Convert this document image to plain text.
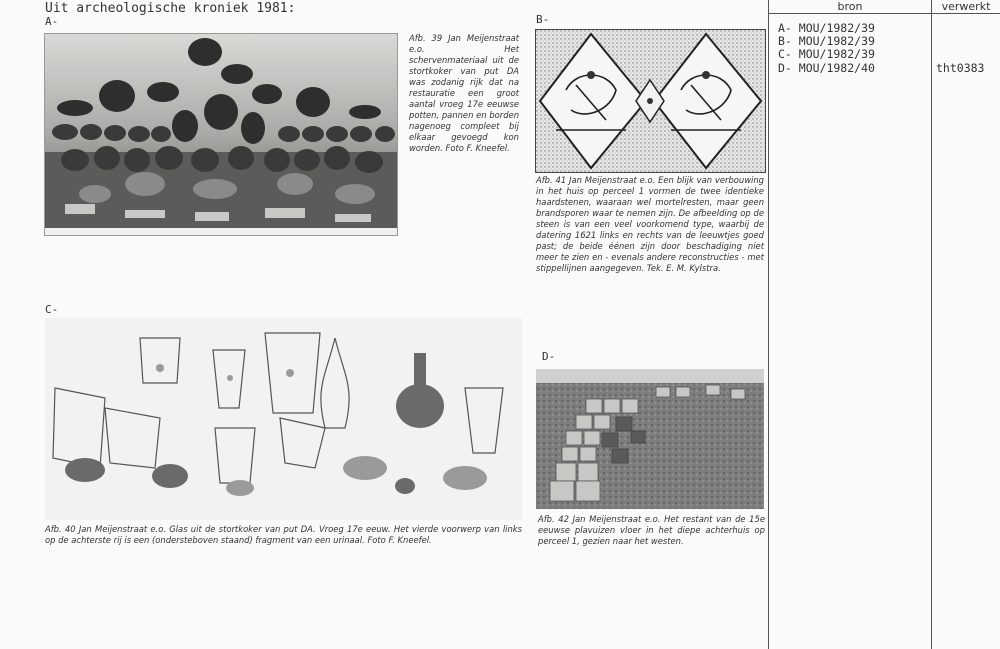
Uit archeologische kroniek 1981:
A-
Afb. 39 Jan Meijenstraat e.o. Het schervenmateriaal uit de stortkoker van put DA was zodanig rijk dat na restauratie een groot aantal vroeg 17e eeuwse potten, pannen en borden nagenoeg compleet bij elkaar gevoegd kon worden. Foto F. Kneefel.
B-
Afb. 41 Jan Meijenstraat e.o. Een blijk van verbouwing in het huis op perceel 1 vormen de twee identieke haardstenen, waaraan wel mortelresten, maar geen brandsporen waar te nemen zijn. De afbeelding op de steen is van een veel voorkomend type, waarbij de datering 1621 links en rechts van de leeuwtjes goed past; de beide éénen zijn door beschadiging niet meer te zien en - evenals andere reconstructies - met stippellijnen aangegeven. Tek. E. M. Kylstra.
C-
Afb. 40 Jan Meijenstraat e.o. Glas uit de stortkoker van put DA. Vroeg 17e eeuw. Het vierde voorwerp van links op de achterste rij is een (ondersteboven staand) fragment van een urinaal. Foto F. Kneefel.
D-
Afb. 42 Jan Meijenstraat e.o. Het restant van de 15e eeuwse plavuizen vloer in het diepe achterhuis op perceel 1, gezien naar het westen.
bron	verwerkt
A- MOU/1982/39
B- MOU/1982/39
C- MOU/1982/39
D- MOU/1982/40	tht0383
